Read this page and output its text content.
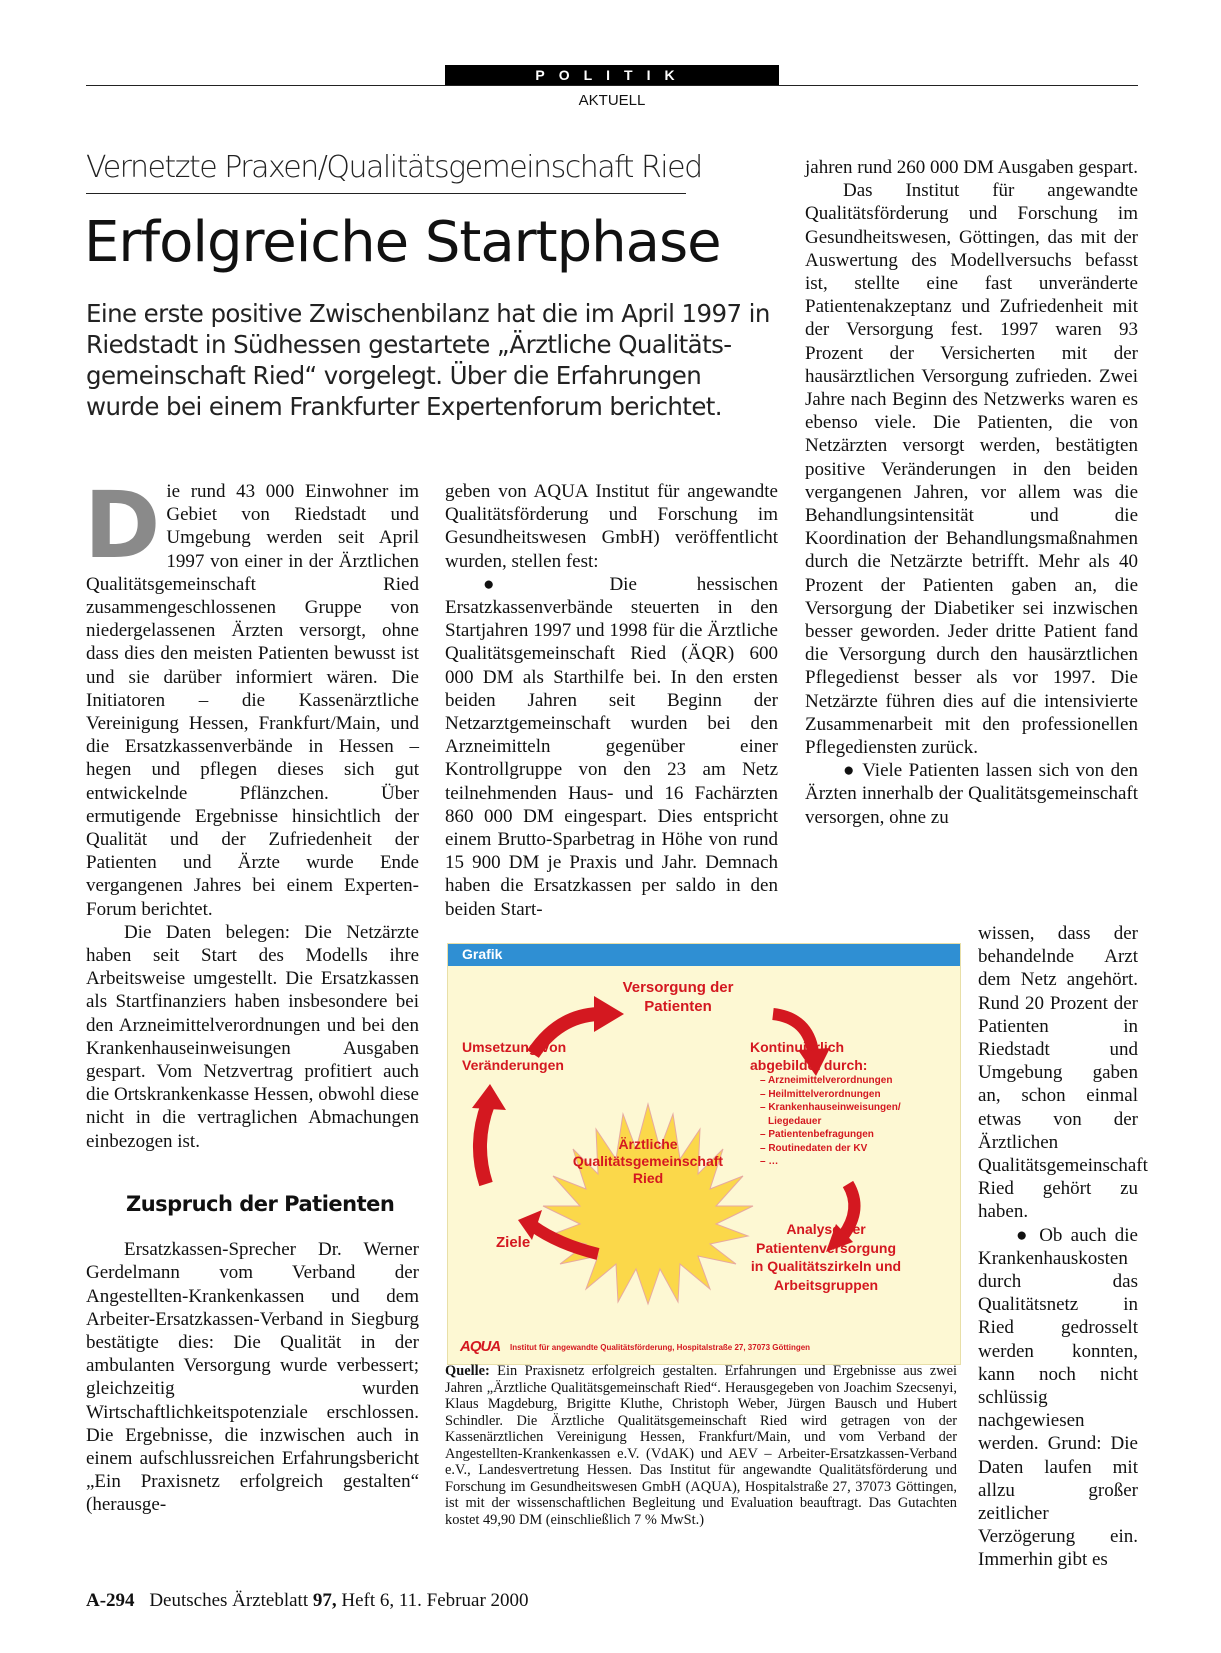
POLITIK
AKTUELL
Vernetzte Praxen/Qualitätsgemeinschaft Ried
Erfolgreiche Startphase
Eine erste positive Zwischenbilanz hat die im April 1997 in Riedstadt in Südhessen gestartete „Ärztliche Qualitäts- gemeinschaft Ried“ vorgelegt. Über die Erfahrungen wurde bei einem Frankfurter Expertenforum berichtet.

Die rund 43 000 Einwohner im Gebiet von Riedstadt und Umgebung werden seit April 1997 von einer in der Ärztlichen Qualitätsgemeinschaft Ried zusammengeschlossenen Gruppe von niedergelassenen Ärzten versorgt, ohne dass dies den meisten Patienten bewusst ist und sie darüber informiert wären. Die Initiatoren – die Kassenärztliche Vereinigung Hessen, Frankfurt/Main, und die Ersatzkassenverbände in Hessen – hegen und pflegen dieses sich gut entwickelnde Pflänzchen. Über ermutigende Ergebnisse hinsichtlich der Qualität und der Zufriedenheit der Patienten und Ärzte wurde Ende vergangenen Jahres bei einem Experten-Forum berichtet.

Die Daten belegen: Die Netzärzte haben seit Start des Modells ihre Arbeitsweise umgestellt. Die Ersatzkassen als Startfinanziers haben insbesondere bei den Arzneimittelverordnungen und bei den Krankenhauseinweisungen Ausgaben gespart. Vom Netzvertrag profitiert auch die Ortskrankenkasse Hessen, obwohl diese nicht in die vertraglichen Abmachungen einbezogen ist.

Zuspruch der Patienten

Ersatzkassen-Sprecher Dr. Werner Gerdelmann vom Verband der Angestellten-Krankenkassen und dem Arbeiter-Ersatzkassen-Verband in Siegburg bestätigte dies: Die Qualität in der ambulanten Versorgung wurde verbessert; gleichzeitig wurden Wirtschaftlichkeitspotenziale erschlossen. Die Ergebnisse, die inzwischen auch in einem aufschlussreichen Erfahrungsbericht „Ein Praxisnetz erfolgreich gestalten“ (herausge-

geben von AQUA Institut für angewandte Qualitätsförderung und Forschung im Gesundheitswesen GmbH) veröffentlicht wurden, stellen fest:

● Die hessischen Ersatzkassenverbände steuerten in den Startjahren 1997 und 1998 für die Ärztliche Qualitätsgemeinschaft Ried (ÄQR) 600 000 DM als Starthilfe bei. In den ersten beiden Jahren seit Beginn der Netzarztgemeinschaft wurden bei den Arzneimitteln gegenüber einer Kontrollgruppe von den 23 am Netz teilnehmenden Haus- und 16 Fachärzten 860 000 DM eingespart. Dies entspricht einem Brutto-Sparbetrag in Höhe von rund 15 900 DM je Praxis und Jahr. Demnach haben die Ersatzkassen per saldo in den beiden Start-

jahren rund 260 000 DM Ausgaben gespart.

Das Institut für angewandte Qualitätsförderung und Forschung im Gesundheitswesen, Göttingen, das mit der Auswertung des Modellversuchs befasst ist, stellte eine fast unveränderte Patientenakzeptanz und Zufriedenheit mit der Versorgung fest. 1997 waren 93 Prozent der Versicherten mit der hausärztlichen Versorgung zufrieden. Zwei Jahre nach Beginn des Netzwerks waren es ebenso viele. Die Patienten, die von Netzärzten versorgt werden, bestätigten positive Veränderungen in den beiden vergangenen Jahren, vor allem was die Behandlungsintensität und die Koordination der Behandlungsmaßnahmen durch die Netzärzte betrifft. Mehr als 40 Prozent der Patienten gaben an, die Versorgung der Diabetiker sei inzwischen besser geworden. Jeder dritte Patient fand die Versorgung durch den hausärztlichen Pflegedienst besser als vor 1997. Die Netzärzte führen dies auf die intensivierte Zusammenarbeit mit den professionellen Pflegediensten zurück.

● Viele Patienten lassen sich von den Ärzten innerhalb der Qualitätsgemeinschaft versorgen, ohne zu

wissen, dass der behandelnde Arzt dem Netz angehört. Rund 20 Prozent der Patienten in Riedstadt und Umgebung gaben an, schon einmal etwas von der Ärztlichen Qualitätsgemeinschaft Ried gehört zu haben.

● Ob auch die Krankenhauskosten durch das Qualitätsnetz in Ried gedrosselt werden konnten, kann noch nicht schlüssig nachgewiesen werden. Grund: Die Daten laufen mit allzu großer zeitlicher Verzögerung ein. Immerhin gibt es

Grafik
Versorgung der Patienten
Umsetzung von Veränderungen
Kontinuierlich abgebildet durch:
– Arzneimittelverordnungen
– Heilmittelverordnungen
– Krankenhauseinweisungen/
Liegedauer
– Patientenbefragungen
– Routinedaten der KV
– …
Ärztliche
Qualitätsgemeinschaft
Ried
Ziele
Analyse der
Patientenversorgung
in Qualitätszirkeln und
Arbeitsgruppen
AQUA Institut für angewandte Qualitätsförderung, Hospitalstraße 27, 37073 Göttingen
Quelle: Ein Praxisnetz erfolgreich gestalten. Erfahrungen und Ergebnisse aus zwei Jahren „Ärztliche Qualitätsgemeinschaft Ried“. Herausgegeben von Joachim Szecsenyi, Klaus Magdeburg, Brigitte Kluthe, Christoph Weber, Jürgen Bausch und Hubert Schindler. Die Ärztliche Qualitätsgemeinschaft Ried wird getragen von der Kassenärztlichen Vereinigung Hessen, Frankfurt/Main, und vom Verband der Angestellten-Krankenkassen e.V. (VdAK) und AEV – Arbeiter-Ersatzkassen-Verband e.V., Landesvertretung Hessen. Das Institut für angewandte Qualitätsförderung und Forschung im Gesundheitswesen GmbH (AQUA), Hospitalstraße 27, 37073 Göttingen, ist mit der wissenschaftlichen Begleitung und Evaluation beauftragt. Das Gutachten kostet 49,90 DM (einschließlich 7 % MwSt.)
A-294 Deutsches Ärzteblatt 97, Heft 6, 11. Februar 2000
